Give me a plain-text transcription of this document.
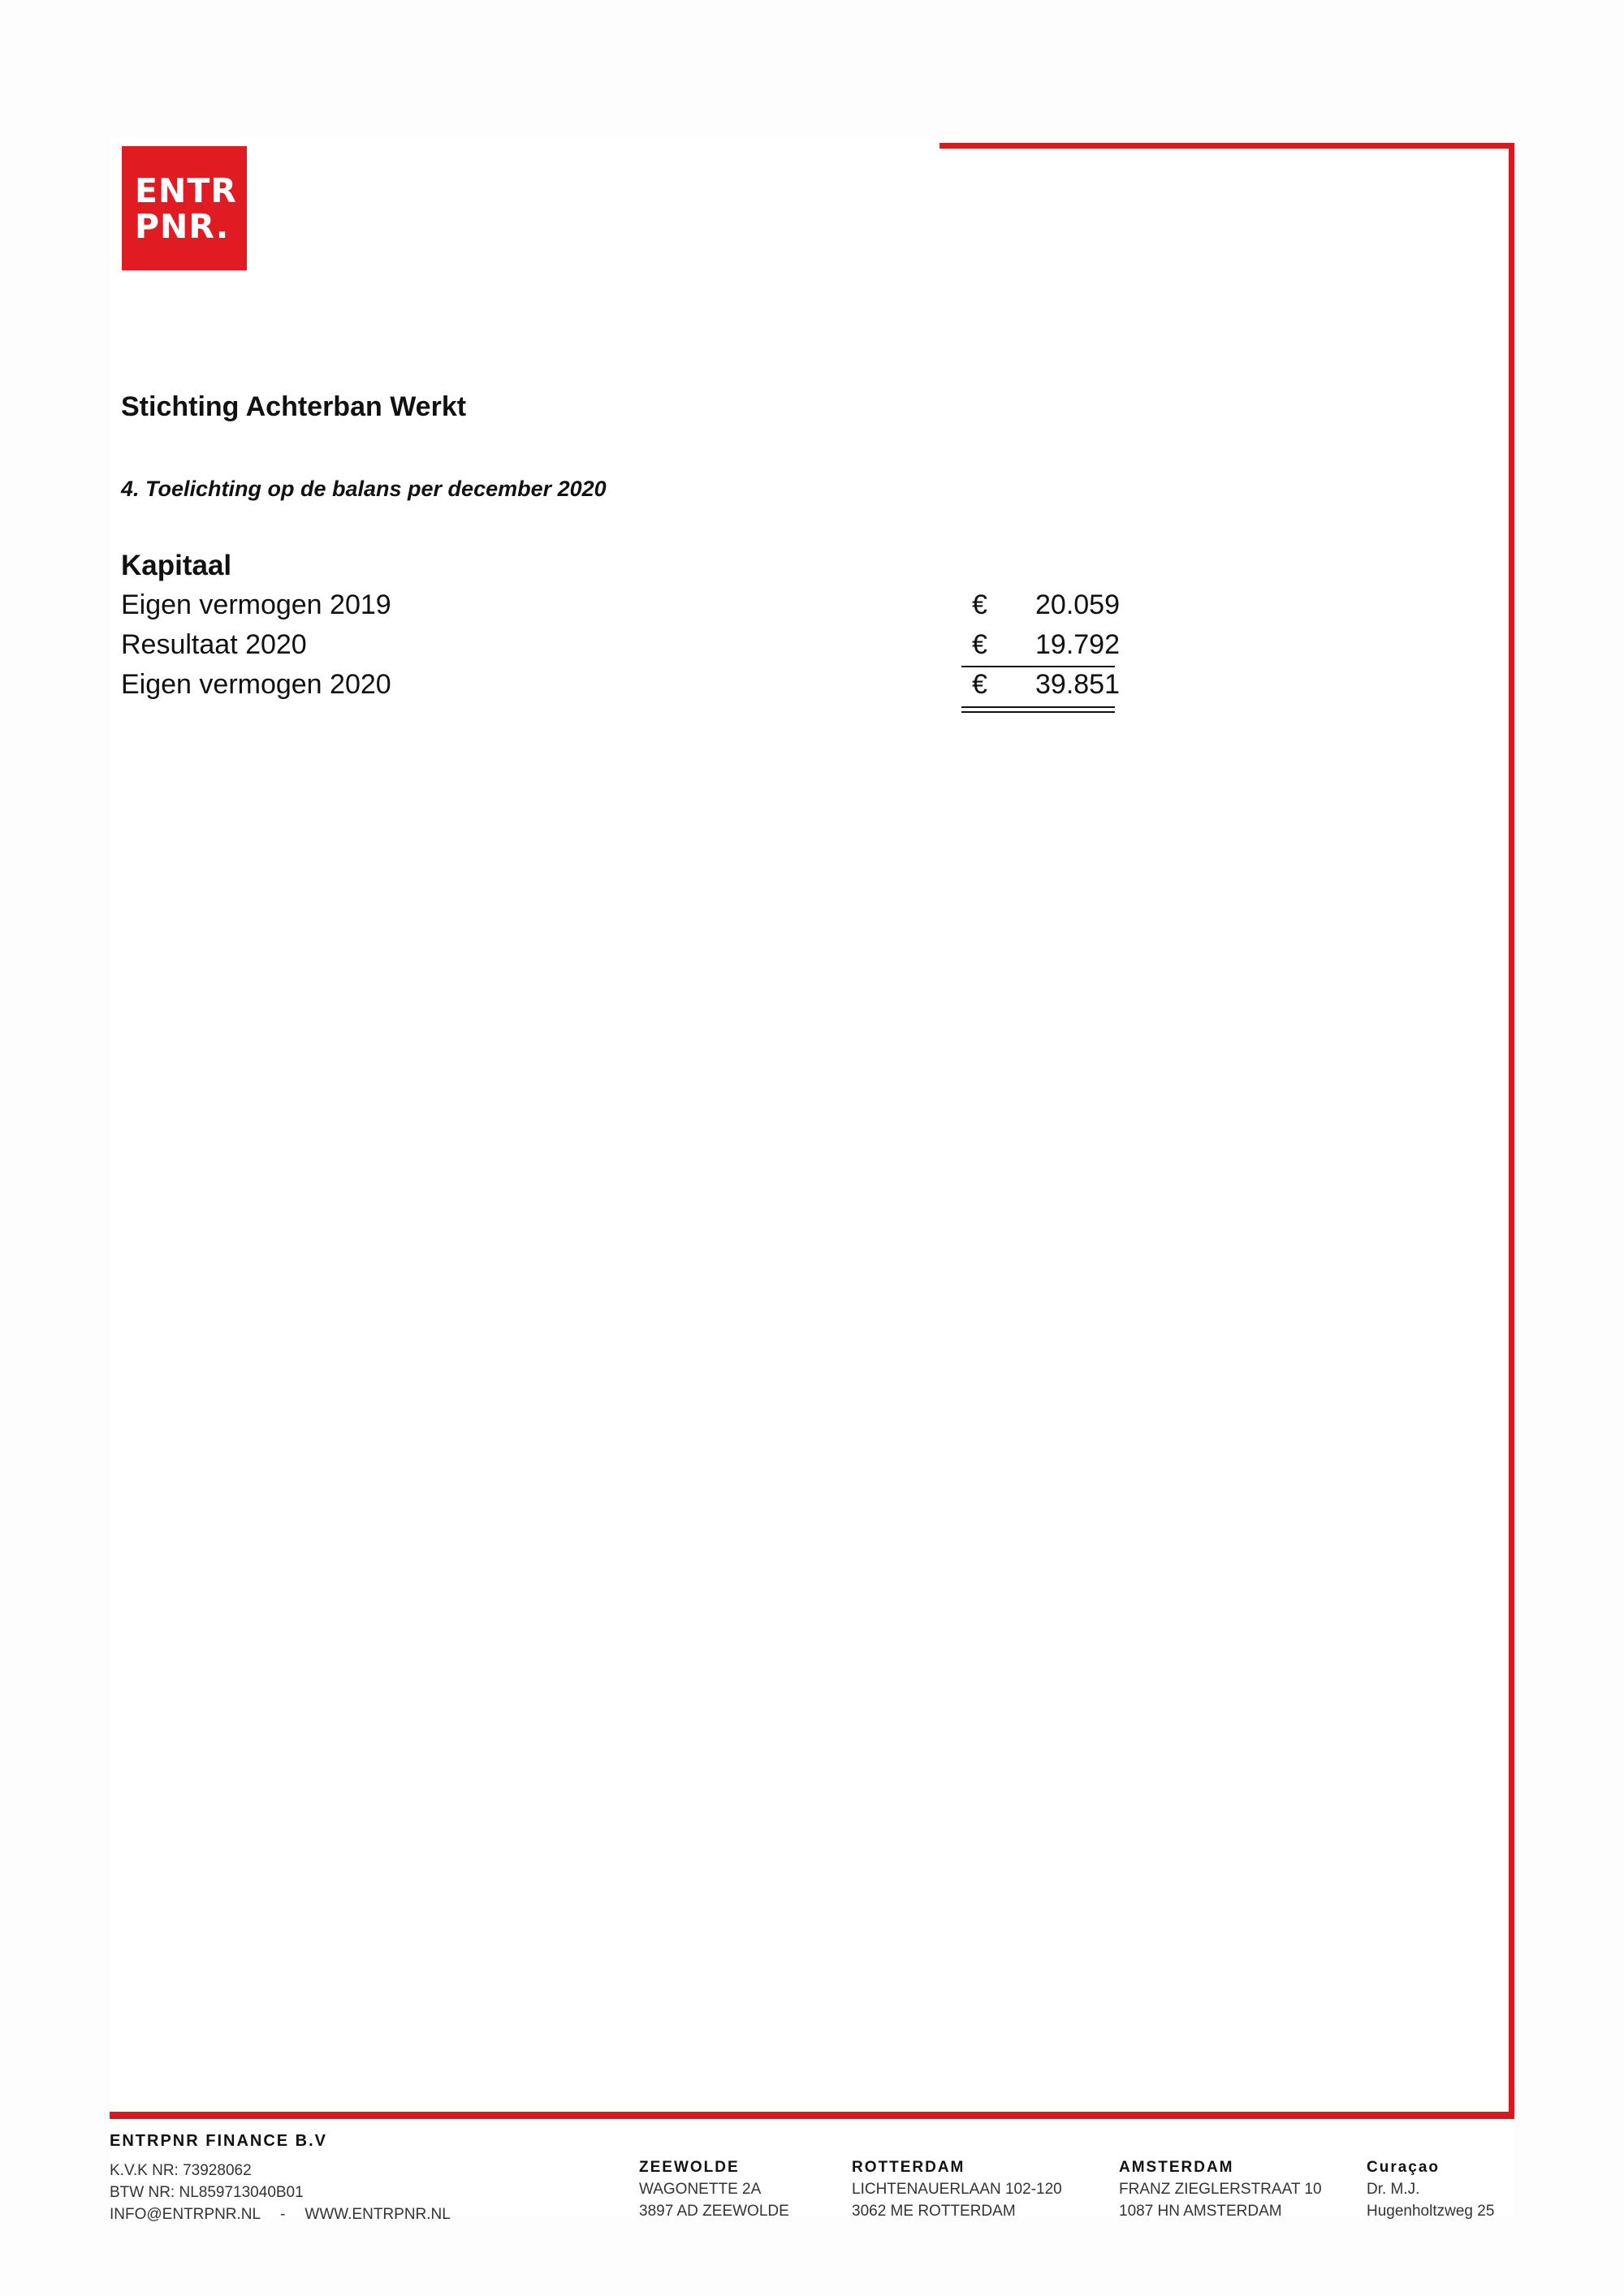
ENTR
PNR.
Stichting Achterban Werkt
4. Toelichting op de balans per december 2020
Kapitaal
Eigen vermogen 2019	€ 20.059
Resultaat 2020	€ 19.792
Eigen vermogen 2020	€ 39.851
ENTRPNR FINANCE B.V
K.V.K NR: 73928062
BTW NR: NL859713040B01
INFO@ENTRPNR.NL - WWW.ENTRPNR.NL
ZEEWOLDE
WAGONETTE 2A
3897 AD ZEEWOLDE
ROTTERDAM
LICHTENAUERLAAN 102-120
3062 ME ROTTERDAM
AMSTERDAM
FRANZ ZIEGLERSTRAAT 10
1087 HN AMSTERDAM
Curaçao
Dr. M.J.
Hugenholtzweg 25
